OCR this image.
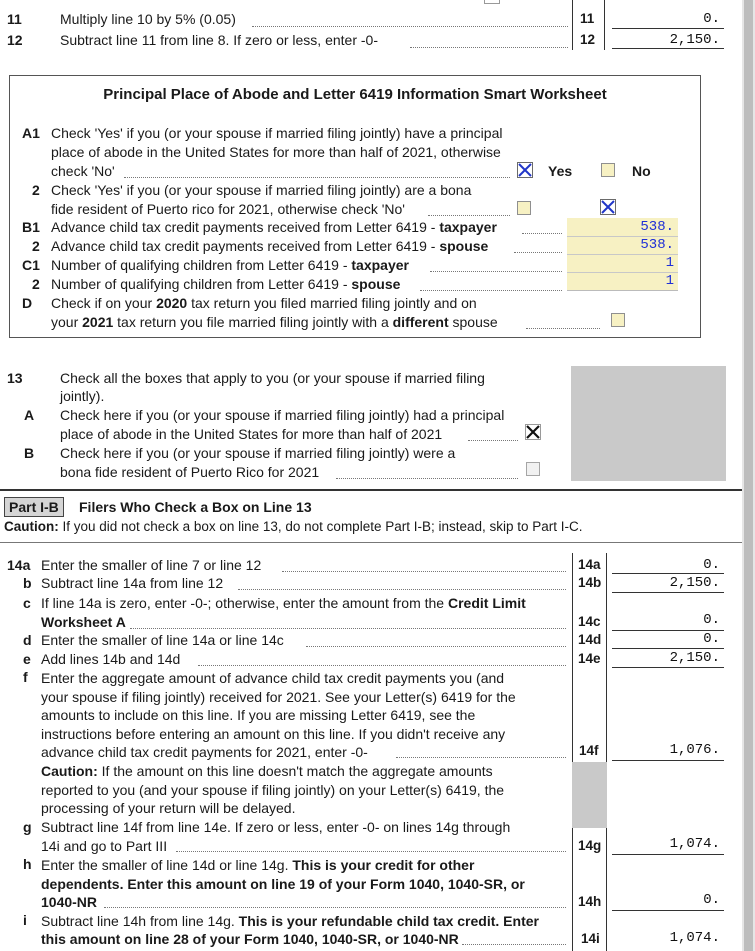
11	Multiply line 10 by 5% (0.05)	11	0.
12	Subtract line 11 from line 8. If zero or less, enter -0-	12	2,150.
Principal Place of Abode and Letter 6419 Information Smart Worksheet
A1 Check 'Yes' if you (or your spouse if married filing jointly) have a principal
place of abode in the United States for more than half of 2021, otherwise
check 'No'	Yes	No
2 Check 'Yes' if you (or your spouse if married filing jointly) are a bona
fide resident of Puerto rico for 2021, otherwise check 'No'
B1 Advance child tax credit payments received from Letter 6419 - taxpayer	538.
2 Advance child tax credit payments received from Letter 6419 - spouse	538.
C1 Number of qualifying children from Letter 6419 - taxpayer	1
2 Number of qualifying children from Letter 6419 - spouse	1
D Check if on your 2020 tax return you filed married filing jointly and on
your 2021 tax return you file married filing jointly with a different spouse
13	Check all the boxes that apply to you (or your spouse if married filing
jointly).
A Check here if you (or your spouse if married filing jointly) had a principal
place of abode in the United States for more than half of 2021
B Check here if you (or your spouse if married filing jointly) were a
bona fide resident of Puerto Rico for 2021
Part I-B	Filers Who Check a Box on Line 13
Caution: If you did not check a box on line 13, do not complete Part I-B; instead, skip to Part I-C.
14a Enter the smaller of line 7 or line 12	14a	0.
b Subtract line 14a from line 12	14b	2,150.
c If line 14a is zero, enter -0-; otherwise, enter the amount from the Credit Limit
Worksheet A	14c	0.
d Enter the smaller of line 14a or line 14c	14d	0.
e Add lines 14b and 14d	14e	2,150.
f Enter the aggregate amount of advance child tax credit payments you (and
your spouse if filing jointly) received for 2021. See your Letter(s) 6419 for the
amounts to include on this line. If you are missing Letter 6419, see the
instructions before entering an amount on this line. If you didn't receive any
advance child tax credit payments for 2021, enter -0-	14f	1,076.
Caution: If the amount on this line doesn't match the aggregate amounts
reported to you (and your spouse if filing jointly) on your Letter(s) 6419, the
processing of your return will be delayed.
g Subtract line 14f from line 14e. If zero or less, enter -0- on lines 14g through
14i and go to Part III	14g	1,074.
h Enter the smaller of line 14d or line 14g. This is your credit for other
dependents. Enter this amount on line 19 of your Form 1040, 1040-SR, or
1040-NR	14h	0.
i Subtract line 14h from line 14g. This is your refundable child tax credit. Enter
this amount on line 28 of your Form 1040, 1040-SR, or 1040-NR	14i	1,074.
